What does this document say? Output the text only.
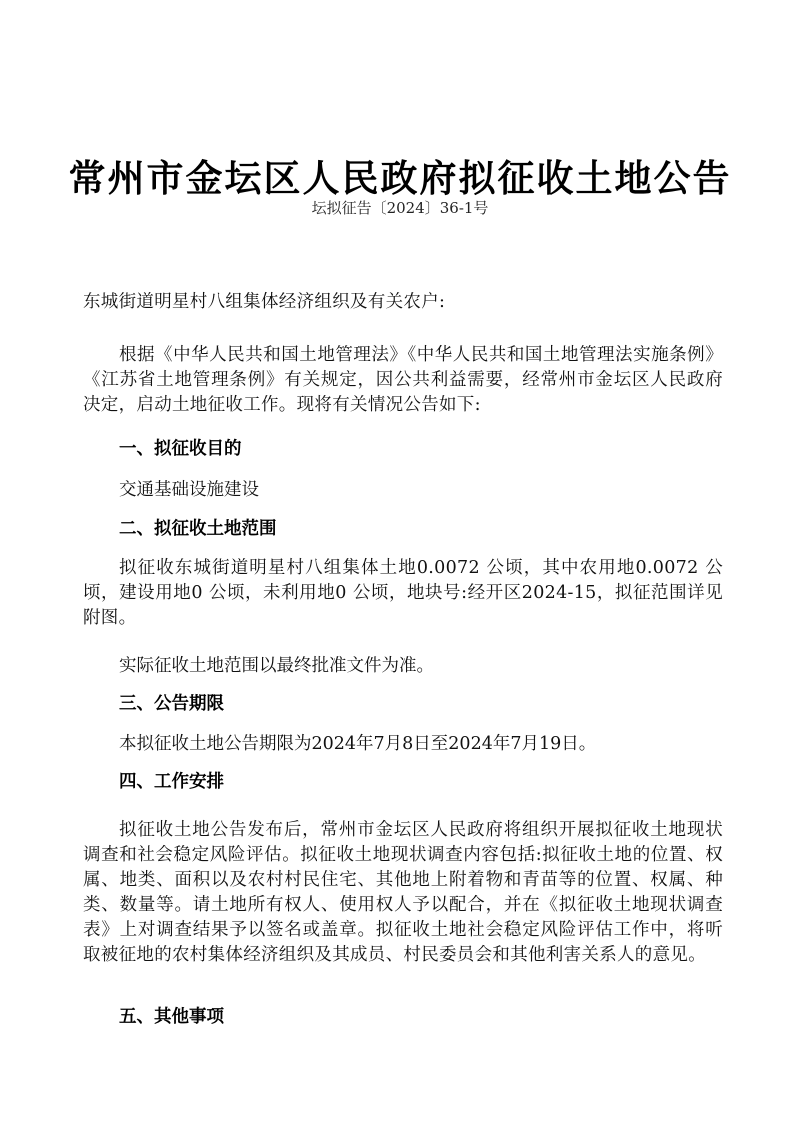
常州市金坛区人民政府拟征收土地公告
坛拟征告〔2024〕36-1号
东城街道明星村八组集体经济组织及有关农户:
根据《中华人民共和国土地管理法》《中华人民共和国土地管理法实施条例》《江苏省土地管理条例》有关规定，因公共利益需要，经常州市金坛区人民政府决定，启动土地征收工作。现将有关情况公告如下:
一、拟征收目的
交通基础设施建设
二、拟征收土地范围
拟征收东城街道明星村八组集体土地0.0072 公顷，其中农用地0.0072 公顷，建设用地0 公顷，未利用地0 公顷，地块号:经开区2024-15，拟征范围详见附图。
实际征收土地范围以最终批准文件为准。
三、公告期限
本拟征收土地公告期限为2024年7月8日至2024年7月19日。
四、工作安排
拟征收土地公告发布后，常州市金坛区人民政府将组织开展拟征收土地现状调查和社会稳定风险评估。拟征收土地现状调查内容包括:拟征收土地的位置、权属、地类、面积以及农村村民住宅、其他地上附着物和青苗等的位置、权属、种类、数量等。请土地所有权人、使用权人予以配合，并在《拟征收土地现状调查表》上对调查结果予以签名或盖章。拟征收土地社会稳定风险评估工作中，将听取被征地的农村集体经济组织及其成员、村民委员会和其他利害关系人的意见。
五、其他事项
